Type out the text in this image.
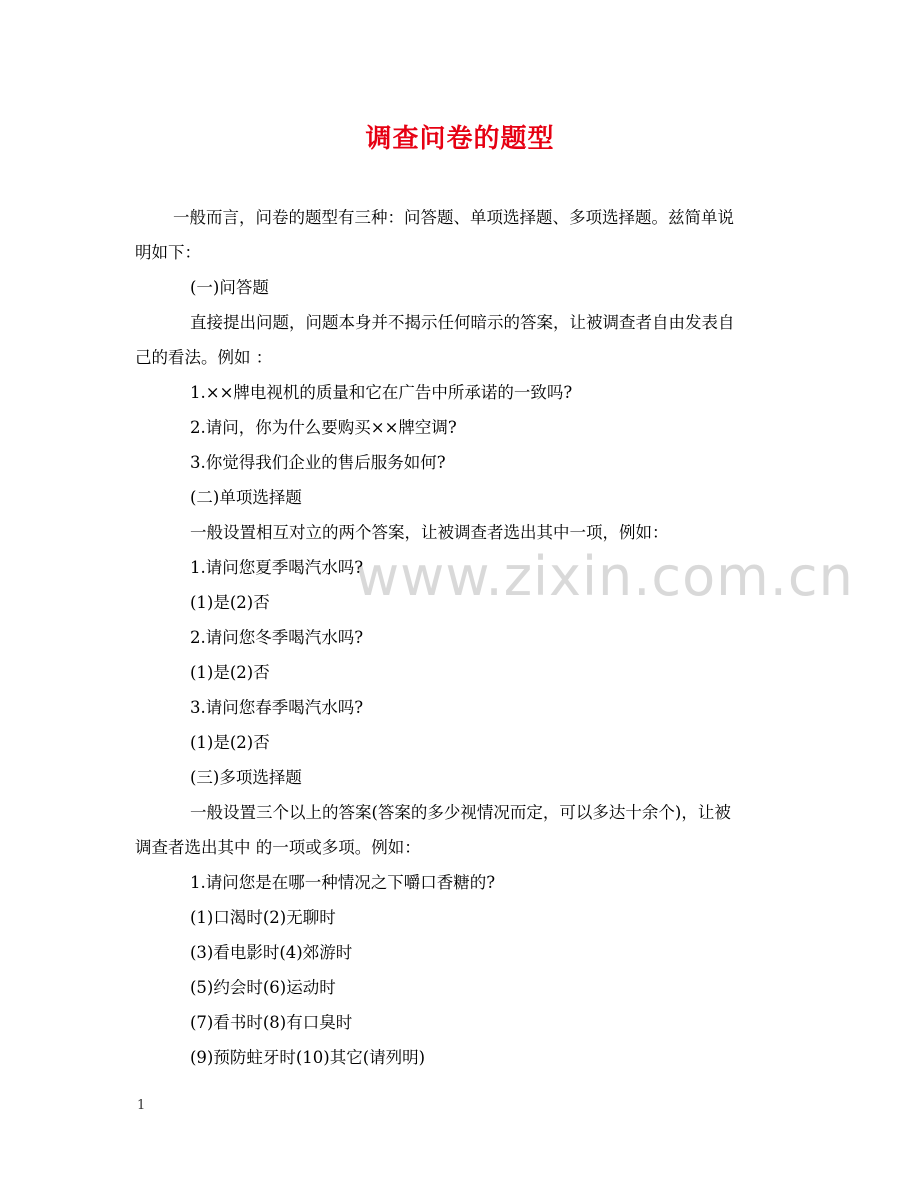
调查问卷的题型
www.zixin.com.cn
一般而言，问卷的题型有三种：问答题、单项选择题、多项选择题。兹简单说
明如下：
(一)问答题
直接提出问题，问题本身并不揭示任何暗示的答案，让被调查者自由发表自
己的看法。例如 ：
1.××牌电视机的质量和它在广告中所承诺的一致吗?
2.请问，你为什么要购买××牌空调?
3.你觉得我们企业的售后服务如何?
(二)单项选择题
一般设置相互对立的两个答案，让被调查者选出其中一项，例如：
1.请问您夏季喝汽水吗?
(1)是(2)否
2.请问您冬季喝汽水吗?
(1)是(2)否
3.请问您春季喝汽水吗?
(1)是(2)否
(三)多项选择题
一般设置三个以上的答案(答案的多少视情况而定，可以多达十余个)，让被
调查者选出其中 的一项或多项。例如：
1.请问您是在哪一种情况之下嚼口香糖的?
(1)口渴时(2)无聊时
(3)看电影时(4)郊游时
(5)约会时(6)运动时
(7)看书时(8)有口臭时
(9)预防蛀牙时(10)其它(请列明)
1
